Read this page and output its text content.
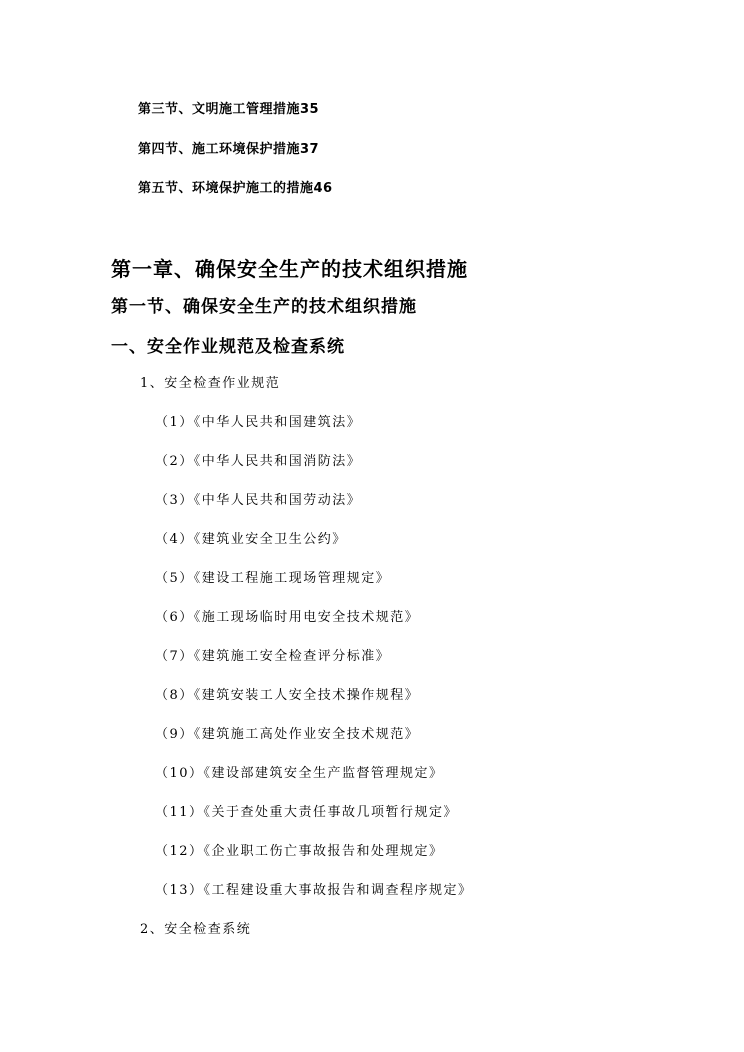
第三节、文明施工管理措施35
第四节、施工环境保护措施37
第五节、环境保护施工的措施46
第一章、确保安全生产的技术组织措施
第一节、确保安全生产的技术组织措施
一、安全作业规范及检查系统
1、安全检查作业规范
（1）《中华人民共和国建筑法》
（2）《中华人民共和国消防法》
（3）《中华人民共和国劳动法》
（4）《建筑业安全卫生公约》
（5）《建设工程施工现场管理规定》
（6）《施工现场临时用电安全技术规范》
（7）《建筑施工安全检查评分标准》
（8）《建筑安装工人安全技术操作规程》
（9）《建筑施工高处作业安全技术规范》
（10）《建设部建筑安全生产监督管理规定》
（11）《关于查处重大责任事故几项暂行规定》
（12）《企业职工伤亡事故报告和处理规定》
（13）《工程建设重大事故报告和调查程序规定》
2、安全检查系统
